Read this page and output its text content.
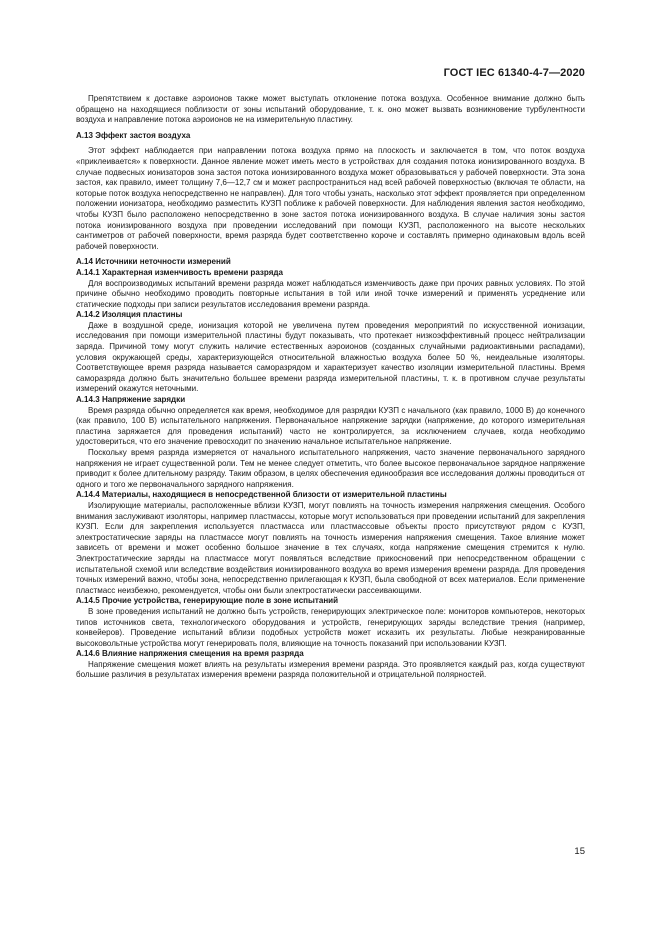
ГОСТ IEC 61340-4-7—2020

Препятствием к доставке аэроионов также может выступать отклонение потока воздуха. Особенное внимание должно быть обращено на находящиеся поблизости от зоны испытаний оборудование, т. к. оно может вызвать возникновение турбулентности воздуха и направление потока аэроионов не на измерительную пластину.

А.13 Эффект застоя воздуха

Этот эффект наблюдается при направлении потока воздуха прямо на плоскость и заключается в том, что поток воздуха «приклеивается» к поверхности. Данное явление может иметь место в устройствах для создания потока ионизированного воздуха. В случае подвесных ионизаторов зона застоя потока ионизированного воздуха может образовываться у рабочей поверхности. Эта зона застоя, как правило, имеет толщину 7,6—12,7 см и может распространиться над всей рабочей поверхностью (включая те области, на которые поток воздуха непосредственно не направлен). Для того чтобы узнать, насколько этот эффект проявляется при определенном положении ионизатора, необходимо разместить КУЗП поближе к рабочей поверхности. Для наблюдения явления застоя необходимо, чтобы КУЗП было расположено непосредственно в зоне застоя потока ионизированного воздуха. В случае наличия зоны застоя потока ионизированного воздуха при проведении исследований при помощи КУЗП, расположенного на высоте нескольких сантиметров от рабочей поверхности, время разряда будет соответственно короче и составлять примерно одинаковым вдоль всей рабочей поверхности.

А.14 Источники неточности измерений
А.14.1 Характерная изменчивость времени разряда

Для воспроизводимых испытаний времени разряда может наблюдаться изменчивость даже при прочих равных условиях. По этой причине обычно необходимо проводить повторные испытания в той или иной точке измерений и применять усреднение или статические подходы при записи результатов исследования времени разряда.

А.14.2 Изоляция пластины

Даже в воздушной среде, ионизация которой не увеличена путем проведения мероприятий по искусственной ионизации, исследования при помощи измерительной пластины будут показывать, что протекает низкоэффективный процесс нейтрализации заряда. Причиной тому могут служить наличие естественных аэроионов (созданных случайными радиоактивными распадами), условия окружающей среды, характеризующейся относительной влажностью воздуха более 50 %, неидеальные изоляторы. Соответствующее время разряда называется саморазрядом и характеризует качество изоляции измерительной пластины. Время саморазряда должно быть значительно большее времени разряда измерительной пластины, т. к. в противном случае результаты измерений окажутся неточными.

А.14.3 Напряжение зарядки

Время разряда обычно определяется как время, необходимое для разрядки КУЗП с начального (как правило, 1000 В) до конечного (как правило, 100 В) испытательного напряжения. Первоначальное напряжение зарядки (напряжение, до которого измерительная пластина заряжается для проведения испытаний) часто не контролируется, за исключением случаев, когда необходимо удостовериться, что его значение превосходит по значению начальное испытательное напряжение.

Поскольку время разряда измеряется от начального испытательного напряжения, часто значение первоначального зарядного напряжения не играет существенной роли. Тем не менее следует отметить, что более высокое первоначальное зарядное напряжение приводит к более длительному разряду. Таким образом, в целях обеспечения единообразия все исследования должны проводиться от одного и того же первоначального зарядного напряжения.

А.14.4 Материалы, находящиеся в непосредственной близости от измерительной пластины

Изолирующие материалы, расположенные вблизи КУЗП, могут повлиять на точность измерения напряжения смещения. Особого внимания заслуживают изоляторы, например пластмассы, которые могут использоваться при проведении испытаний для закрепления КУЗП. Если для закрепления используется пластмасса или пластмассовые объекты просто присутствуют рядом с КУЗП, электростатические заряды на пластмассе могут повлиять на точность измерения напряжения смещения. Такое влияние может зависеть от времени и может особенно большое значение в тех случаях, когда напряжение смещения стремится к нулю. Электростатические заряды на пластмассе могут появляться вследствие прикосновений при непосредственном обращении с испытательной схемой или вследствие воздействия ионизированного воздуха во время измерения времени разряда. Для проведения точных измерений важно, чтобы зона, непосредственно прилегающая к КУЗП, была свободной от всех материалов. Если применение пластмасс неизбежно, рекомендуется, чтобы они были электростатически рассеивающими.

А.14.5 Прочие устройства, генерирующие поле в зоне испытаний

В зоне проведения испытаний не должно быть устройств, генерирующих электрическое поле: мониторов компьютеров, некоторых типов источников света, технологического оборудования и устройств, генерирующих заряды вследствие трения (например, конвейеров). Проведение испытаний вблизи подобных устройств может исказить их результаты. Любые неэкранированные высоковольтные устройства могут генерировать поля, влияющие на точность показаний при использовании КУЗП.

А.14.6 Влияние напряжения смещения на время разряда

Напряжение смещения может влиять на результаты измерения времени разряда. Это проявляется каждый раз, когда существуют большие различия в результатах измерения времени разряда положительной и отрицательной полярностей.

15
